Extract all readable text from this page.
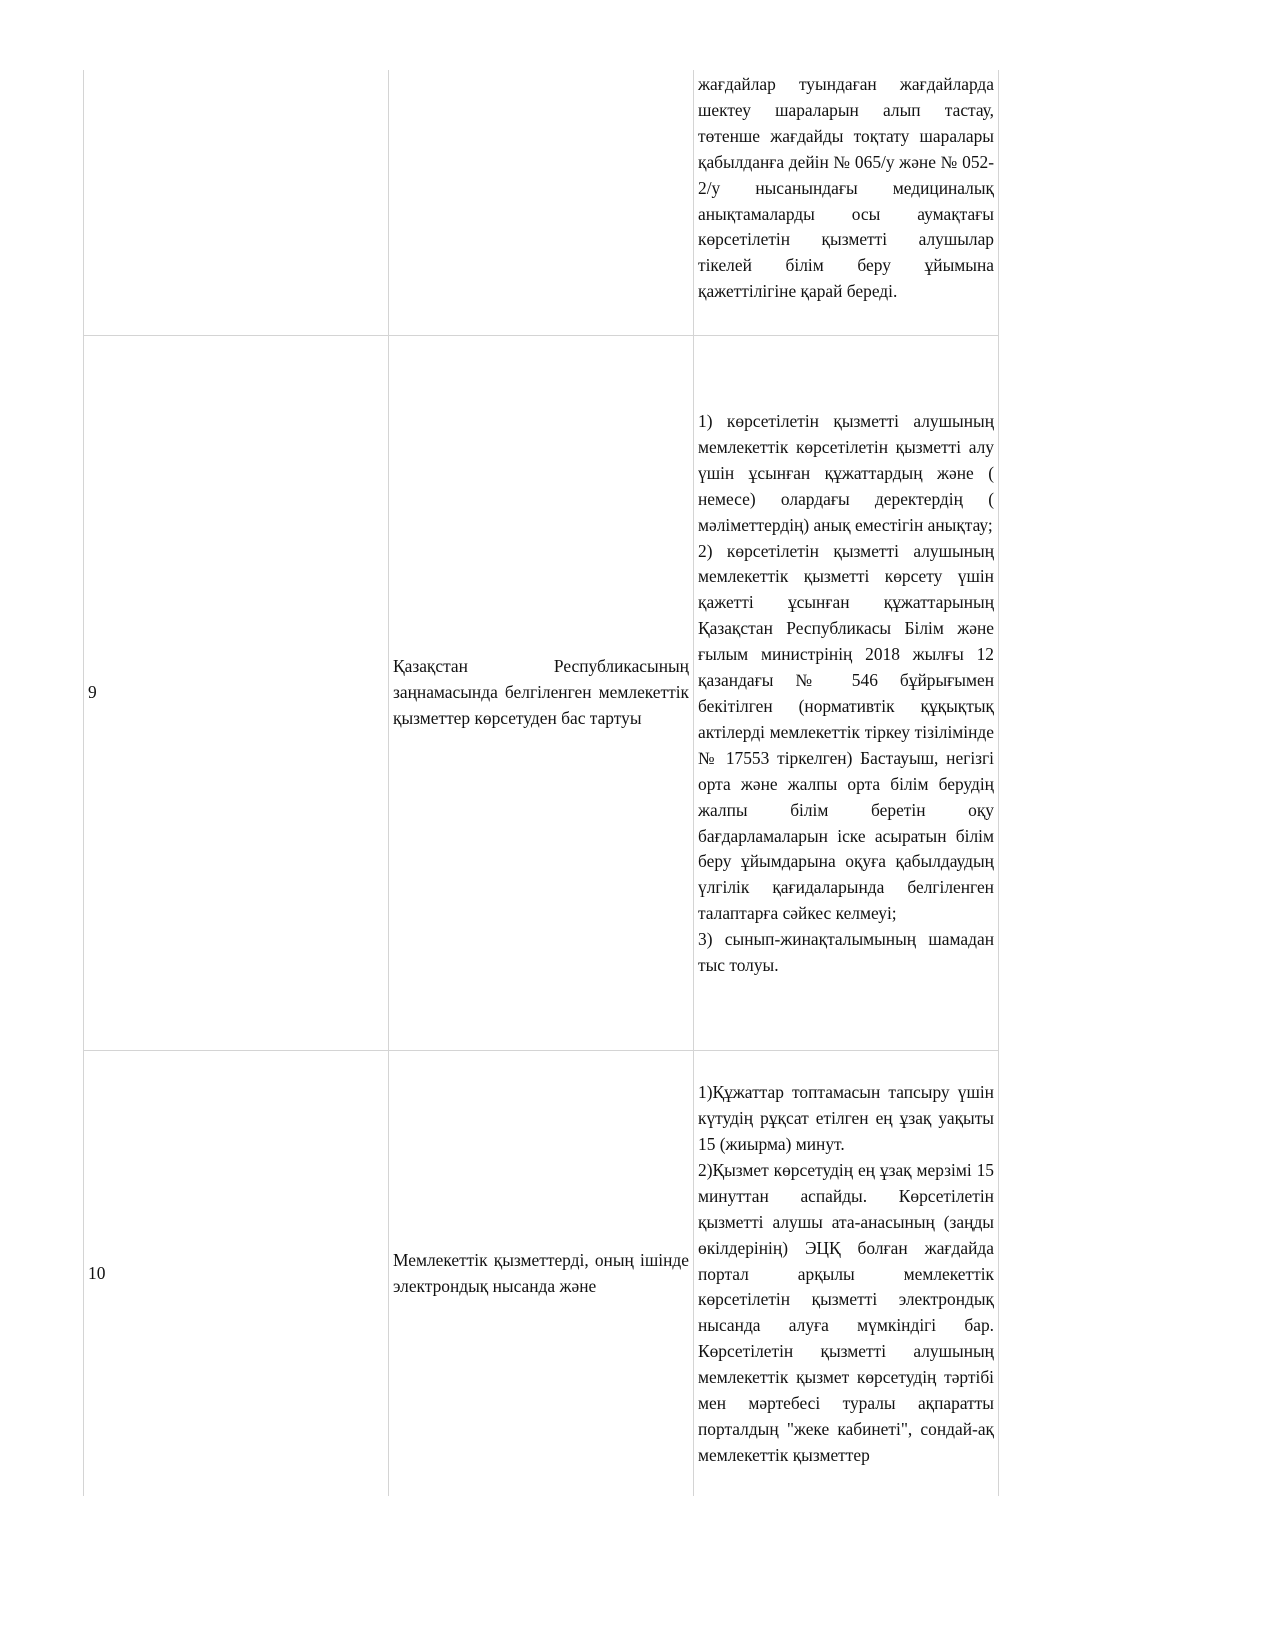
		жағдайлар туындаған жағдайларда шектеу шараларын алып тастау, төтенше жағдайды тоқтату шаралары қабылданға дейін № 065/у және № 052-2/у нысанындағы медициналық анықтамаларды осы аумақтағы көрсетілетін қызметті алушылар тікелей білім беру ұйымына қажеттілігіне қарай береді.

9	Қазақстан Республикасының заңнамасында белгіленген мемлекеттік қызметтер көрсетуден бас тартуы	1) көрсетілетін қызметті алушының мемлекеттік көрсетілетін қызметті алу үшін ұсынған құжаттардың және ( немесе) олардағы деректердің ( мәліметтердің) анық еместігін анықтау;
2) көрсетілетін қызметті алушының мемлекеттік қызметті көрсету үшін қажетті ұсынған құжаттарының Қазақстан Республикасы Білім және ғылым министрінің 2018 жылғы 12 қазандағы № 546 бұйрығымен бекітілген (нормативтік құқықтық актілерді мемлекеттік тіркеу тізілімінде № 17553 тіркелген) Бастауыш, негізгі орта және жалпы орта білім берудің жалпы білім беретін оқу бағдарламаларын іске асыратын білім беру ұйымдарына оқуға қабылдаудың үлгілік қағидаларында белгіленген талаптарға сәйкес келмеуі;
3) сынып-жинақталымының шамадан тыс толуы.

10	Мемлекеттік қызметтерді, оның ішінде электрондық нысанда және	1)Құжаттар топтамасын тапсыру үшін күтудің рұқсат етілген ең ұзақ уақыты 15 (жиырма) минут.
2)Қызмет көрсетудің ең ұзақ мерзімі 15 минуттан аспайды. Көрсетілетін қызметті алушы ата-анасының (заңды өкілдерінің) ЭЦҚ болған жағдайда портал арқылы мемлекеттік көрсетілетін қызметті электрондық нысанда алуға мүмкіндігі бар. Көрсетілетін қызметті алушының мемлекеттік қызмет көрсетудің тәртібі мен мәртебесі туралы ақпаратты порталдың "жеке кабинеті", сондай-ақ мемлекеттік қызметтер
